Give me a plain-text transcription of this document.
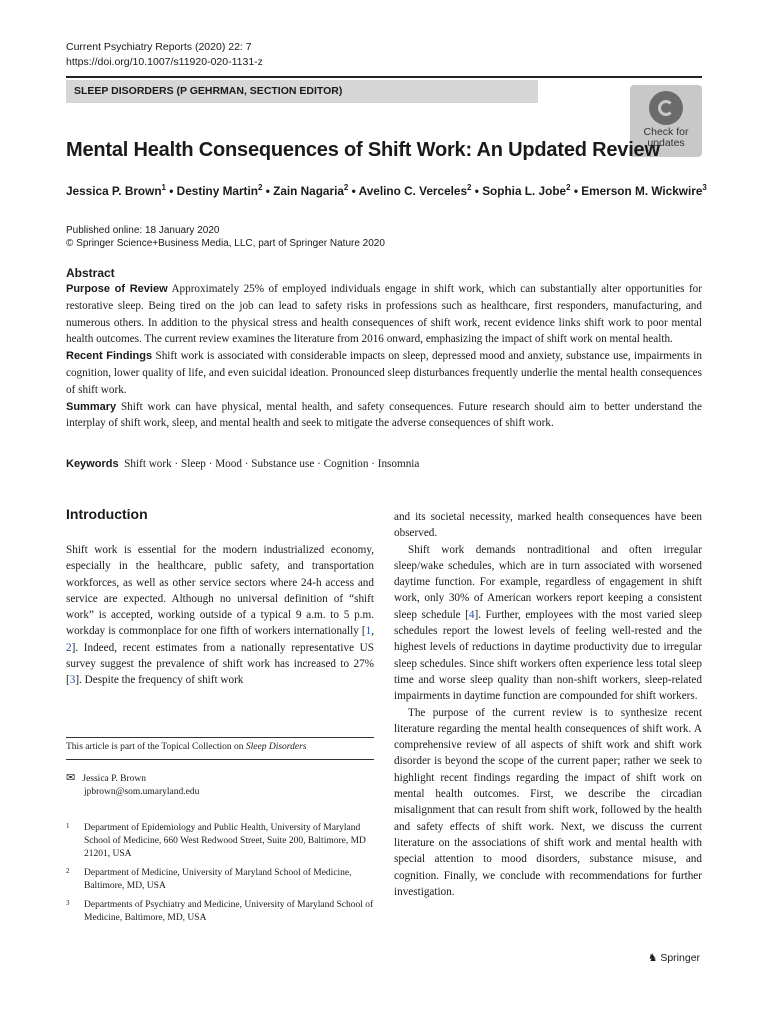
Current Psychiatry Reports (2020) 22: 7
https://doi.org/10.1007/s11920-020-1131-z
SLEEP DISORDERS (P GEHRMAN, SECTION EDITOR)
Check for
updates
Mental Health Consequences of Shift Work: An Updated Review
Jessica P. Brown$^1$ • Destiny Martin$^2$ • Zain Nagaria$^2$ • Avelino C. Verceles$^2$ • Sophia L. Jobe$^2$ • Emerson M. Wickwire$^3$
Published online: 18 January 2020
© Springer Science+Business Media, LLC, part of Springer Nature 2020
Abstract

Purpose of Review Approximately 25% of employed individuals engage in shift work, which can substantially alter opportunities for restorative sleep. Being tired on the job can lead to safety risks in professions such as healthcare, first responders, manufacturing, and numerous others. In addition to the physical stress and health consequences of shift work, recent evidence links shift work to poor mental health outcomes. The current review examines the literature from 2016 onward, emphasizing the impact of shift work on mental health.

Recent Findings Shift work is associated with considerable impacts on sleep, depressed mood and anxiety, substance use, impairments in cognition, lower quality of life, and even suicidal ideation. Pronounced sleep disturbances frequently underlie the mental health consequences of shift work.

Summary Shift work can have physical, mental health, and safety consequences. Future research should aim to better understand the interplay of shift work, sleep, and mental health and seek to mitigate the adverse consequences of shift work.

Keywords Shift work · Sleep · Mood · Substance use · Cognition · Insomnia
Introduction

Shift work is essential for the modern industrialized economy, especially in the healthcare, public safety, and transportation workforces, as well as other service sectors where 24-h access and service are expected. Although no universal definition of “shift work” is accepted, working outside of a typical 9 a.m. to 5 p.m. workday is commonplace for one fifth of workers internationally [1, 2]. Indeed, recent estimates from a nationally representative US survey suggest the prevalence of shift work has increased to 27% [3]. Despite the frequency of shift work

and its societal necessity, marked health consequences have been observed.

Shift work demands nontraditional and often irregular sleep/wake schedules, which are in turn associated with worsened daytime function. For example, regardless of engagement in shift work, only 30% of American workers report keeping a consistent sleep schedule [4]. Further, employees with the most varied sleep schedules report the lowest levels of feeling well-rested and the highest levels of reductions in daytime productivity due to irregular sleep schedules. Since shift workers often experience less total sleep time and worse sleep quality than non-shift workers, sleep-related impairments in daytime function are compounded for shift workers.

The purpose of the current review is to synthesize recent literature regarding the mental health consequences of shift work. A comprehensive review of all aspects of shift work and shift work disorder is beyond the scope of the current paper; rather we seek to highlight recent findings regarding the impact of shift work on mental health outcomes. First, we describe the circadian misalignment that can result from shift work, followed by the health and safety effects of shift work. Next, we discuss the current literature on the associations of shift work and mental health with special attention to mood disorders, substance misuse, and cognition. Finally, we conclude with recommendations for further investigation.

This article is part of the Topical Collection on Sleep Disorders
✉ Jessica P. Brown
jpbrown@som.umaryland.edu
1 Department of Epidemiology and Public Health, University of Maryland School of Medicine, 660 West Redwood Street, Suite 200, Baltimore, MD 21201, USA
2 Department of Medicine, University of Maryland School of Medicine, Baltimore, MD, USA
3 Departments of Psychiatry and Medicine, University of Maryland School of Medicine, Baltimore, MD, USA
♞ Springer
